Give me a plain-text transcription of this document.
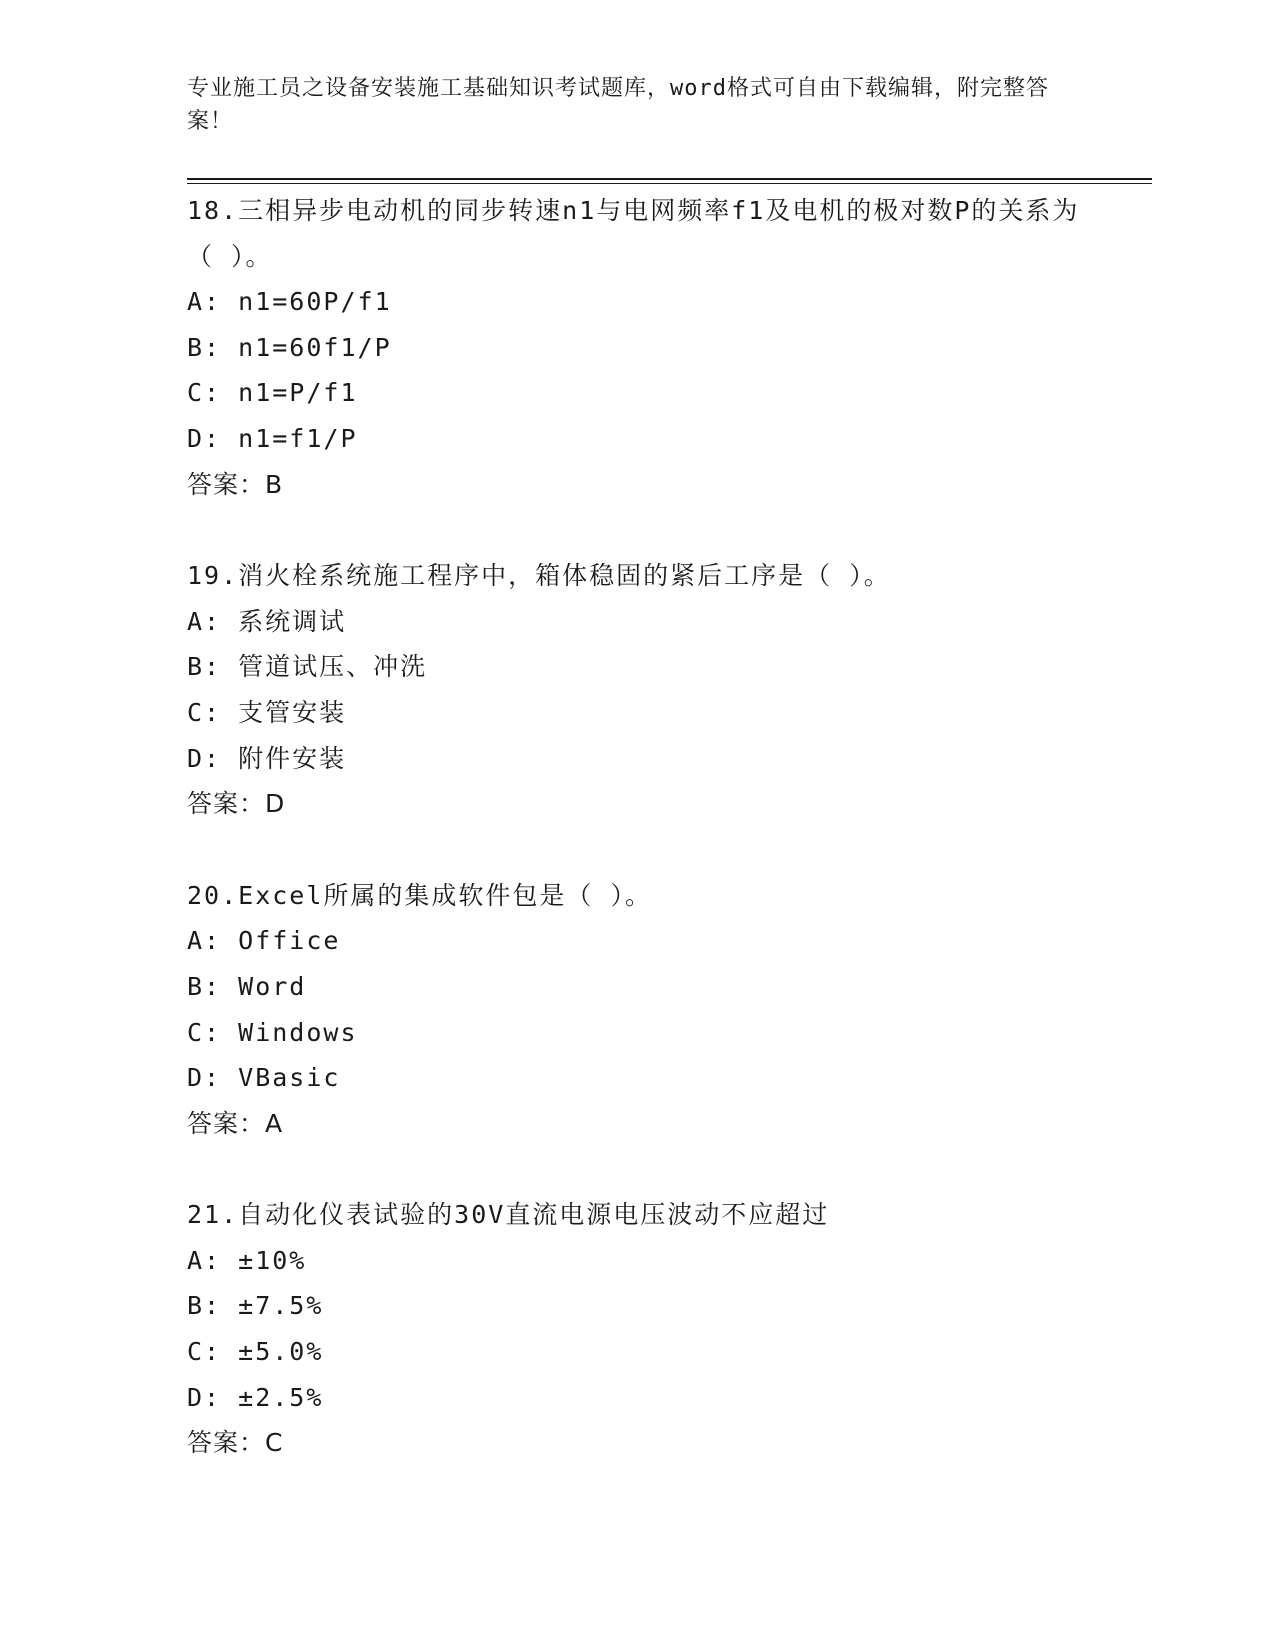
专业施工员之设备安装施工基础知识考试题库，word格式可自由下载编辑，附完整答案！
18.三相异步电动机的同步转速n1与电网频率f1及电机的极对数P的关系为（ ）。
A: n1=60P/f1
B: n1=60f1/P
C: n1=P/f1
D: n1=f1/P
答案：B
19.消火栓系统施工程序中，箱体稳固的紧后工序是（ ）。
A: 系统调试
B: 管道试压、冲洗
C: 支管安装
D: 附件安装
答案：D
20.Excel所属的集成软件包是（ ）。
A: Office
B: Word
C: Windows
D: VBasic
答案：A
21.自动化仪表试验的30V直流电源电压波动不应超过
A: ±10%
B: ±7.5%
C: ±5.0%
D: ±2.5%
答案：C
